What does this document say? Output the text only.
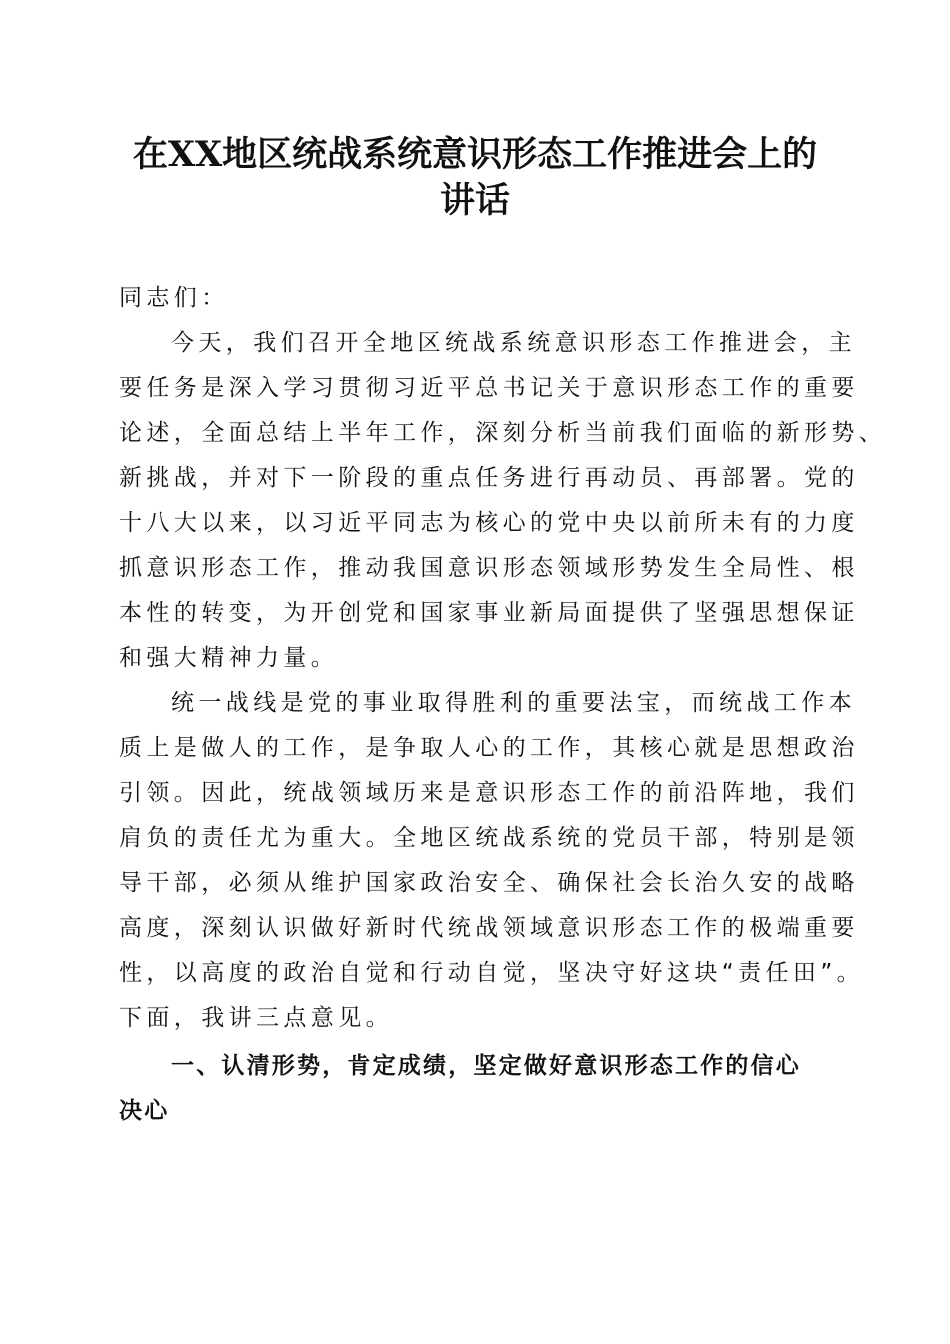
在XX地区统战系统意识形态工作推进会上的
讲话
同志们：
今天，我们召开全地区统战系统意识形态工作推进会，主
要任务是深入学习贯彻习近平总书记关于意识形态工作的重要
论述，全面总结上半年工作，深刻分析当前我们面临的新形势、
新挑战，并对下一阶段的重点任务进行再动员、再部署。党的
十八大以来，以习近平同志为核心的党中央以前所未有的力度
抓意识形态工作，推动我国意识形态领域形势发生全局性、根
本性的转变，为开创党和国家事业新局面提供了坚强思想保证
和强大精神力量。
统一战线是党的事业取得胜利的重要法宝，而统战工作本
质上是做人的工作，是争取人心的工作，其核心就是思想政治
引领。因此，统战领域历来是意识形态工作的前沿阵地，我们
肩负的责任尤为重大。全地区统战系统的党员干部，特别是领
导干部，必须从维护国家政治安全、确保社会长治久安的战略
高度，深刻认识做好新时代统战领域意识形态工作的极端重要
性，以高度的政治自觉和行动自觉，坚决守好这块“责任田”。
下面，我讲三点意见。
一、认清形势，肯定成绩，坚定做好意识形态工作的信心
决心
